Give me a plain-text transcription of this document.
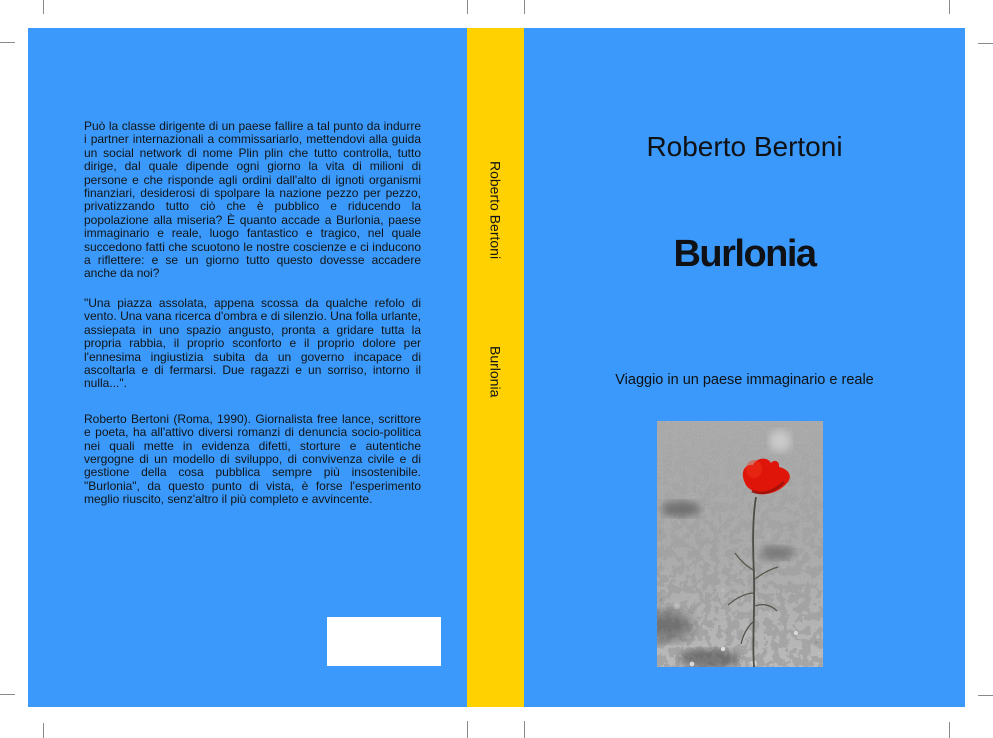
Può la classe dirigente di un paese fallire a tal punto da indurre i partner internazionali a commissariarlo, mettendovi alla guida un social network di nome Plin plin che tutto controlla, tutto dirige, dal quale dipende ogni giorno la vita di milioni di persone e che risponde agli ordini dall'alto di ignoti organismi finanziari, desiderosi di spolpare la nazione pezzo per pezzo, privatizzando tutto ciò che è pubblico e riducendo la popolazione alla miseria? È quanto accade a Burlonia, paese immaginario e reale, luogo fantastico e tragico, nel quale succedono fatti che scuotono le nostre coscienze e ci inducono a riflettere: e se un giorno tutto questo dovesse accadere anche da noi?

"Una piazza assolata, appena scossa da qualche refolo di vento. Una vana ricerca d'ombra e di silenzio. Una folla urlante, assiepata in uno spazio angusto, pronta a gridare tutta la propria rabbia, il proprio sconforto e il proprio dolore per l'ennesima ingiustizia subita da un governo incapace di ascoltarla e di fermarsi. Due ragazzi e un sorriso, intorno il nulla...".

Roberto Bertoni (Roma, 1990). Giornalista free lance, scrittore e poeta, ha all'attivo diversi romanzi di denuncia socio-politica nei quali mette in evidenza difetti, storture e autentiche vergogne di un modello di sviluppo, di convivenza civile e di gestione della cosa pubblica sempre più insostenibile. "Burlonia", da questo punto di vista, è forse l'esperimento meglio riuscito, senz'altro il più completo e avvincente.

Roberto Bertoni
Burlonia
Roberto Bertoni
Burlonia
Viaggio in un paese immaginario e reale
